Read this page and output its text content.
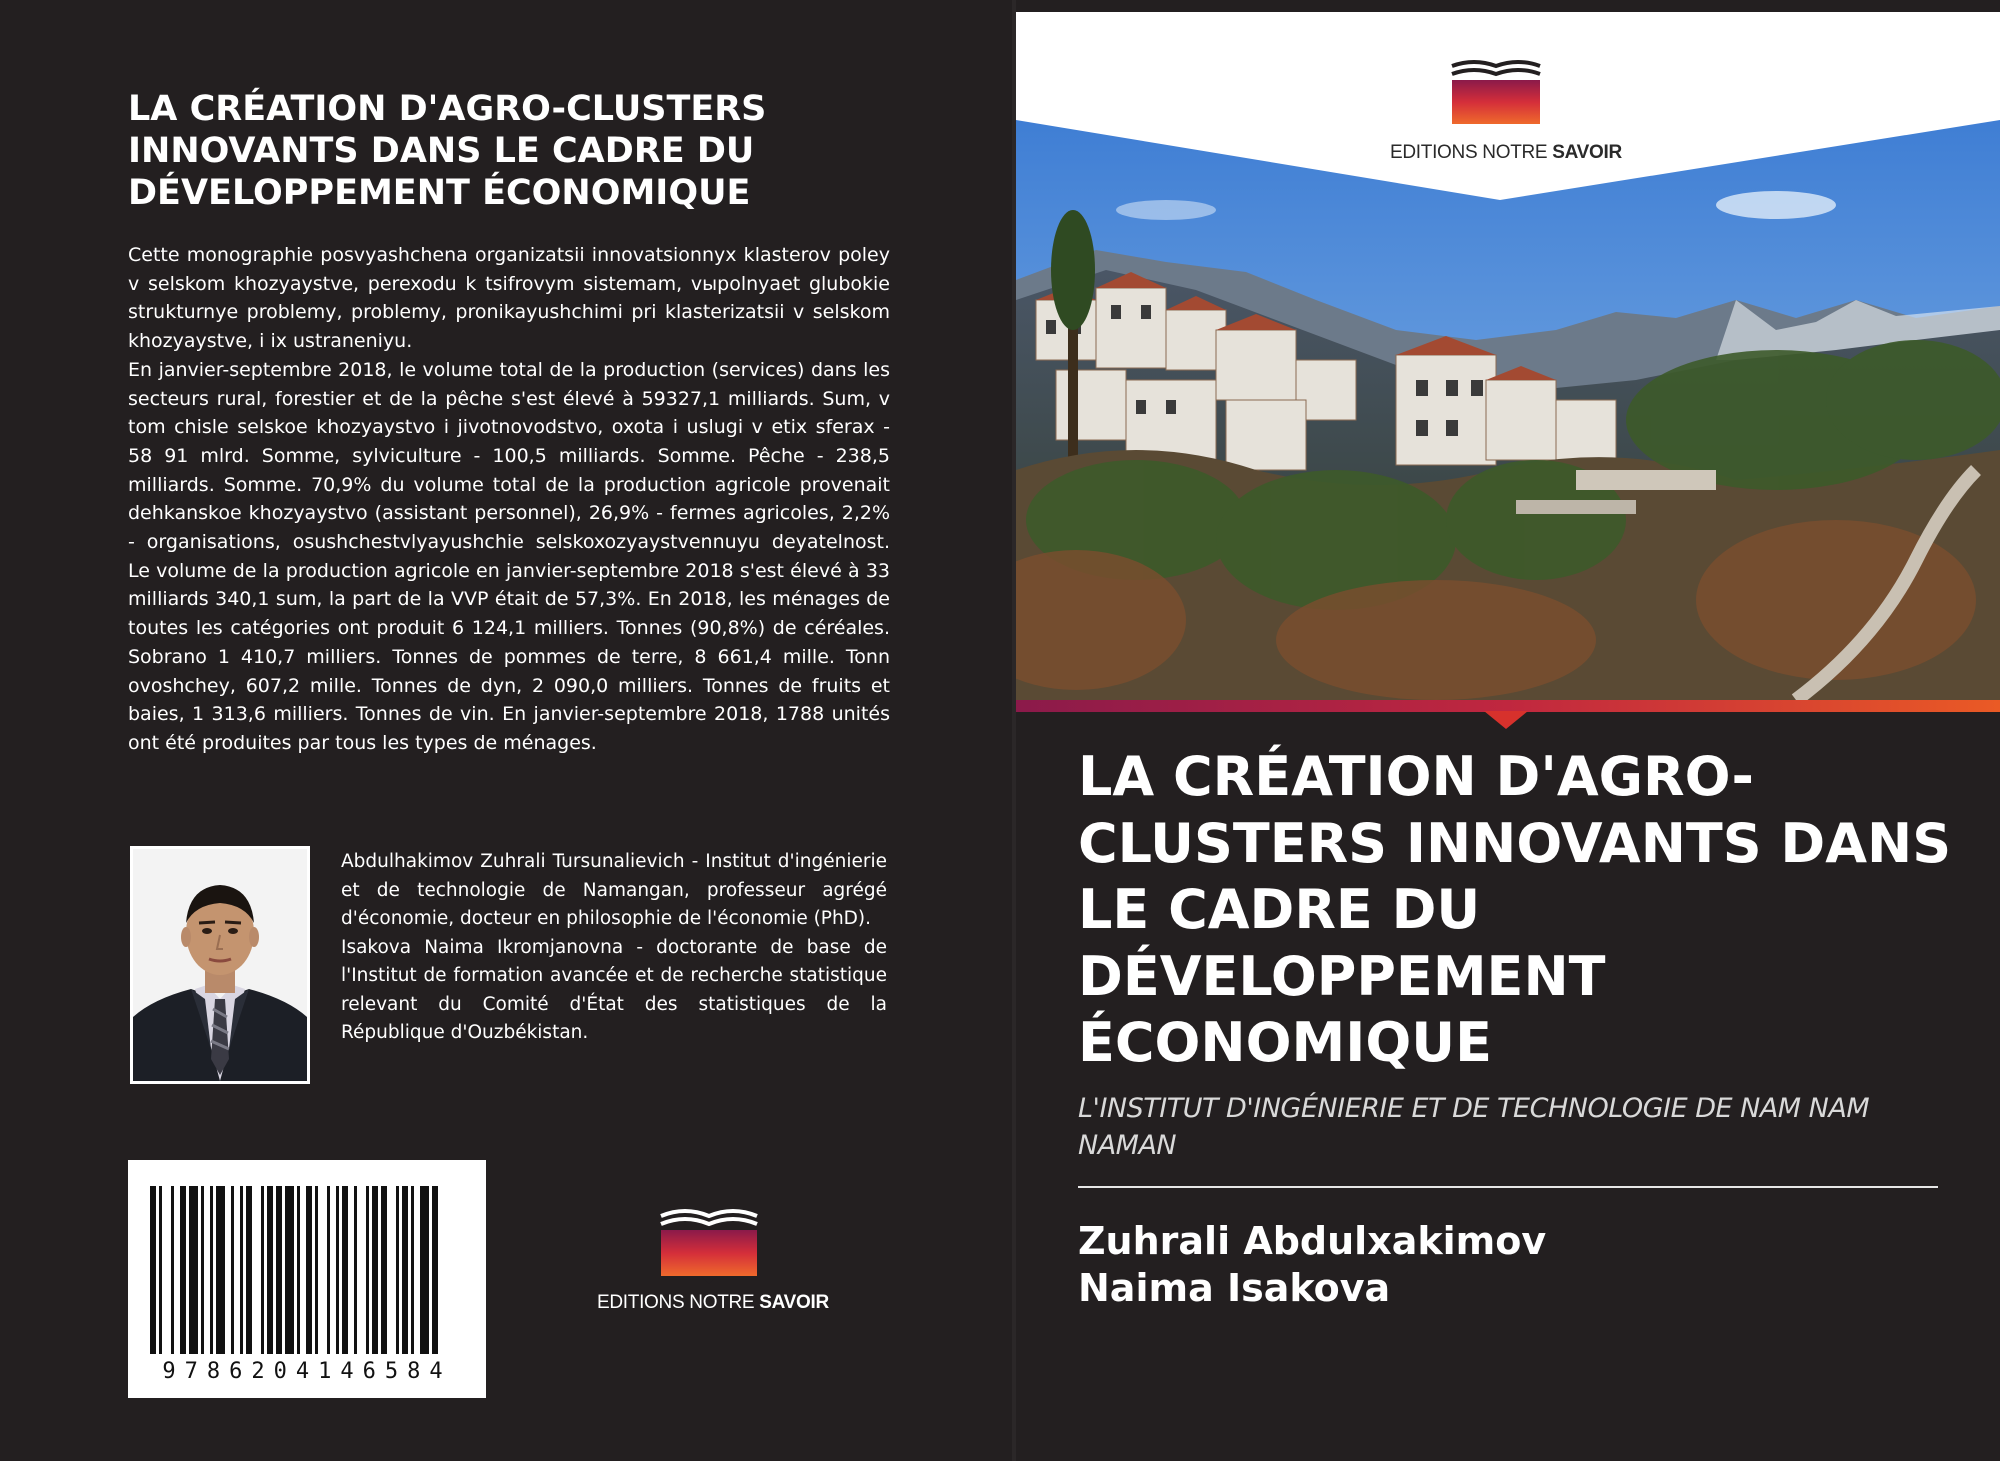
LA CRÉATION D'AGRO-CLUSTERS INNOVANTS DANS LE CADRE DU DÉVELOPPEMENT ÉCONOMIQUE

Cette monographie posvyashchena organizatsii innovatsionnyx klasterov poley v selskom khozyaystve, perexodu k tsifrovym sistemam, vыpolnyaet glubokie strukturnye problemy, problemy, pronikayushchimi pri klasterizatsii v selskom khozyaystve, i ix ustraneniyu.

En janvier-septembre 2018, le volume total de la production (services) dans les secteurs rural, forestier et de la pêche s'est élevé à 59327,1 milliards. Sum, v tom chisle selskoe khozyaystvo i jivotnovodstvo, oxota i uslugi v etix sferax - 58 91 mlrd. Somme, sylviculture - 100,5 milliards. Somme. Pêche - 238,5 milliards. Somme. 70,9% du volume total de la production agricole provenait dehkanskoe khozyaystvo (assistant personnel), 26,9% - fermes agricoles, 2,2% - organisations, osushchestvlyayushchie selskoxozyaystvennuyu deyatelnost. Le volume de la production agricole en janvier-septembre 2018 s'est élevé à 33 milliards 340,1 sum, la part de la VVP était de 57,3%. En 2018, les ménages de toutes les catégories ont produit 6 124,1 milliers. Tonnes (90,8%) de céréales. Sobrano 1 410,7 milliers. Tonnes de pommes de terre, 8 661,4 mille. Tonn ovoshchey, 607,2 mille. Tonnes de dyn, 2 090,0 milliers. Tonnes de fruits et baies, 1 313,6 milliers. Tonnes de vin. En janvier-septembre 2018, 1788 unités ont été produites par tous les types de ménages.

Abdulhakimov Zuhrali Tursunalievich - Institut d'ingénierie et de technologie de Namangan, professeur agrégé d'économie, docteur en philosophie de l'économie (PhD).

Isakova Naima Ikromjanovna - doctorante de base de l'Institut de formation avancée et de recherche statistique relevant du Comité d'État des statistiques de la République d'Ouzbékistan.

9786204146584
EDITIONS NOTRE SAVOIR
EDITIONS NOTRE SAVOIR
LA CRÉATION D'AGRO-CLUSTERS INNOVANTS DANS LE CADRE DU DÉVELOPPEMENT ÉCONOMIQUE

L'INSTITUT D'INGÉNIERIE ET DE TECHNOLOGIE DE NAM NAM NAMAN

Zuhrali Abdulxakimov
Naima Isakova
